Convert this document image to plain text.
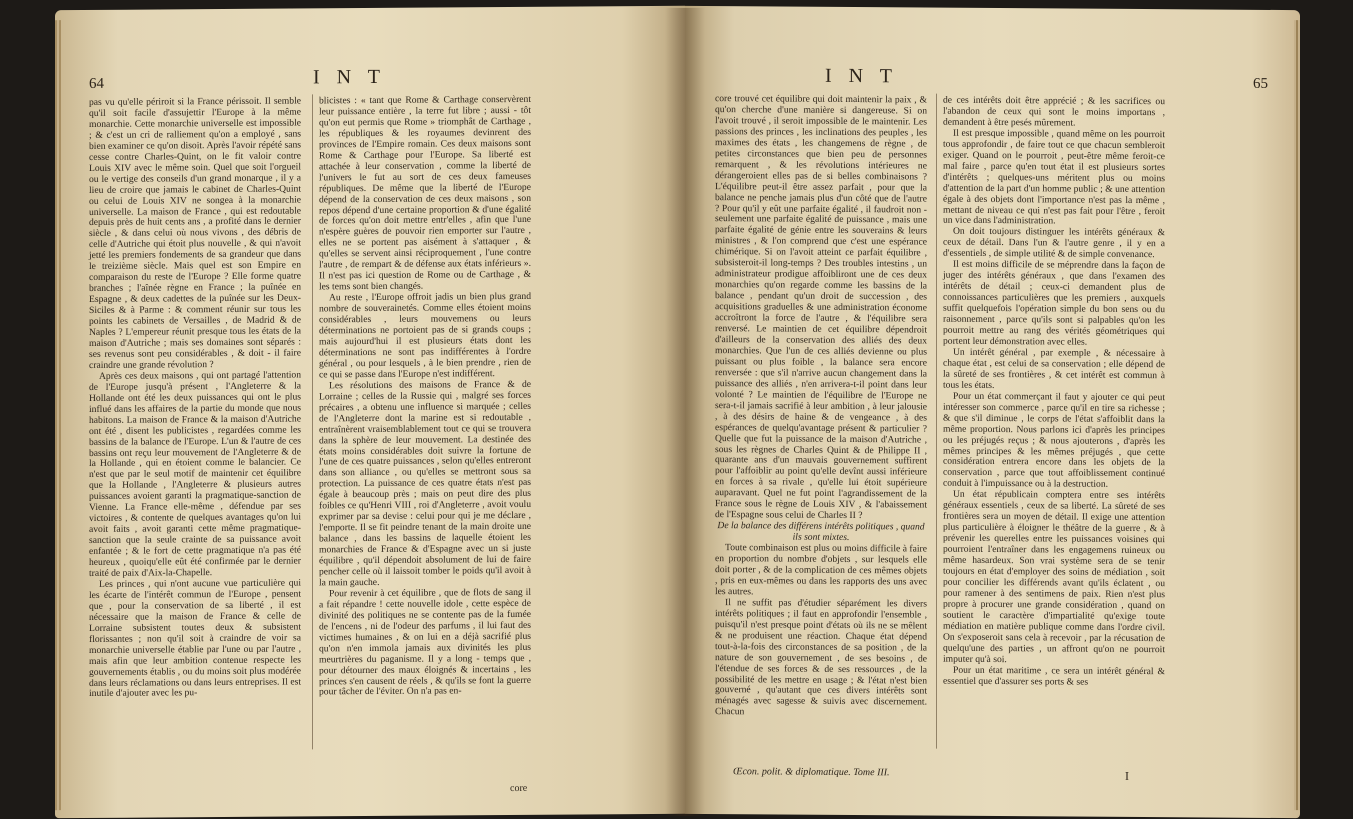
64	I N T

pas vu qu'elle périroit si la France périssoit. Il semble qu'il soit facile d'assujettir l'Europe à la même monarchie. Cette monarchie universelle est impossible ; & c'est un cri de ralliement qu'on a employé , sans bien examiner ce qu'on disoit. Après l'avoir répété sans cesse contre Charles-Quint, on le fit valoir contre Louis XIV avec le même soin. Quel que soit l'orgueil ou le vertige des conseils d'un grand monarque , il y a lieu de croire que jamais le cabinet de Charles-Quint ou celui de Louis XIV ne songea à la monarchie universelle. La maison de France , qui est redoutable depuis près de huit cents ans , a profité dans le dernier siècle , & dans celui où nous vivons , des débris de celle d'Autriche qui étoit plus nouvelle , & qui n'avoit jetté les premiers fondements de sa grandeur que dans le treizième siècle. Mais quel est son Empire en comparaison du reste de l'Europe ? Elle forme quatre branches ; l'aînée règne en France ; la puînée en Espagne , & deux cadettes de la puînée sur les Deux-Siciles & à Parme : & comment réunir sur tous les points les cabinets de Versailles , de Madrid & de Naples ? L'empereur réunit presque tous les états de la maison d'Autriche ; mais ses domaines sont séparés : ses revenus sont peu considérables , & doit - il faire craindre une grande révolution ?

Après ces deux maisons , qui ont partagé l'attention de l'Europe jusqu'à présent , l'Angleterre & la Hollande ont été les deux puissances qui ont le plus influé dans les affaires de la partie du monde que nous habitons. La maison de France & la maison d'Autriche ont été , disent les publicistes , regardées comme les bassins de la balance de l'Europe. L'un & l'autre de ces bassins ont reçu leur mouvement de l'Angleterre & de la Hollande , qui en étoient comme le balancier. Ce n'est que par le seul motif de maintenir cet équilibre que la Hollande , l'Angleterre & plusieurs autres puissances avoient garanti la pragmatique-sanction de Vienne. La France elle-même , défendue par ses victoires , & contente de quelques avantages qu'on lui avoit faits , avoit garanti cette même pragmatique-sanction que la seule crainte de sa puissance avoit enfantée ; & le fort de cette pragmatique n'a pas été heureux , quoiqu'elle eût été confirmée par le dernier traité de paix d'Aix-la-Chapelle.

Les princes , qui n'ont aucune vue particulière qui les écarte de l'intérêt commun de l'Europe , pensent que , pour la conservation de sa liberté , il est nécessaire que la maison de France & celle de Lorraine subsistent toutes deux & subsistent florissantes ; non qu'il soit à craindre de voir sa monarchie universelle établie par l'une ou par l'autre , mais afin que leur ambition contenue respecte les gouvernements établis , ou du moins soit plus modérée dans leurs réclamations ou dans leurs entreprises. Il est inutile d'ajouter avec les pu-

blicistes : « tant que Rome & Carthage conservèrent leur puissance entière , la terre fut libre ; aussi - tôt qu'on eut permis que Rome » triomphât de Carthage , les républiques & les royaumes devinrent des provinces de l'Empire romain. Ces deux maisons sont Rome & Carthage pour l'Europe. Sa liberté est attachée à leur conservation , comme la liberté de l'univers le fut au sort de ces deux fameuses républiques. De même que la liberté de l'Europe dépend de la conservation de ces deux maisons , son repos dépend d'une certaine proportion & d'une égalité de forces qu'on doit mettre entr'elles , afin que l'une n'espère guères de pouvoir rien emporter sur l'autre , elles ne se portent pas aisément à s'attaquer , & qu'elles se servent ainsi réciproquement , l'une contre l'autre , de rempart & de défense aux états inférieurs ». Il n'est pas ici question de Rome ou de Carthage , & les tems sont bien changés.

Au reste , l'Europe offroit jadis un bien plus grand nombre de souverainetés. Comme elles étoient moins considérables , leurs mouvemens ou leurs déterminations ne portoient pas de si grands coups ; mais aujourd'hui il est plusieurs états dont les déterminations ne sont pas indifférentes à l'ordre général , ou pour lesquels , à le bien prendre , rien de ce qui se passe dans l'Europe n'est indifférent.

Les résolutions des maisons de France & de Lorraine ; celles de la Russie qui , malgré ses forces précaires , a obtenu une influence si marquée ; celles de l'Angleterre dont la marine est si redoutable , entraînèrent vraisemblablement tout ce qui se trouvera dans la sphère de leur mouvement. La destinée des états moins considérables doit suivre la fortune de l'une de ces quatre puissances , selon qu'elles entreront dans son alliance , ou qu'elles se mettront sous sa protection. La puissance de ces quatre états n'est pas égale à beaucoup près ; mais on peut dire des plus foibles ce qu'Henri VIII , roi d'Angleterre , avoit voulu exprimer par sa devise : celui pour qui je me déclare , l'emporte. Il se fit peindre tenant de la main droite une balance , dans les bassins de laquelle étoient les monarchies de France & d'Espagne avec un si juste équilibre , qu'il dépendoit absolument de lui de faire pencher celle où il laissoit tomber le poids qu'il avoit à la main gauche.

Pour revenir à cet équilibre , que de flots de sang il a fait répandre ! cette nouvelle idole , cette espèce de divinité des politiques ne se contente pas de la fumée de l'encens , ni de l'odeur des parfums , il lui faut des victimes humaines , & on lui en a déjà sacrifié plus qu'on n'en immola jamais aux divinités les plus meurtrières du paganisme. Il y a long - temps que , pour détourner des maux éloignés & incertains , les princes s'en causent de réels , & qu'ils se font la guerre pour tâcher de l'éviter. On n'a pas en-

core
I N T	65

core trouvé cet équilibre qui doit maintenir la paix , & qu'on cherche d'une manière si dangereuse. Si on l'avoit trouvé , il seroit impossible de le maintenir. Les passions des princes , les inclinations des peuples , les maximes des états , les changemens de règne , de petites circonstances que bien peu de personnes remarquent , & les révolutions intérieures ne dérangeroient elles pas de si belles combinaisons ? L'équilibre peut-il être assez parfait , pour que la balance ne penche jamais plus d'un côté que de l'autre ? Pour qu'il y eût une parfaite égalité , il faudroit non - seulement une parfaite égalité de puissance , mais une parfaite égalité de génie entre les souverains & leurs ministres , & l'on comprend que c'est une espérance chimérique. Si on l'avoit atteint ce parfait équilibre , subsisteroit-il long-temps ? Des troubles intestins , un administrateur prodigue affoibliront une de ces deux monarchies qu'on regarde comme les bassins de la balance , pendant qu'un droit de succession , des acquisitions graduelles & une administration économe accroîtront la force de l'autre , & l'équilibre sera renversé. Le maintien de cet équilibre dépendroit d'ailleurs de la conservation des alliés des deux monarchies. Que l'un de ces alliés devienne ou plus puissant ou plus foible , la balance sera encore renversée : que s'il n'arrive aucun changement dans la puissance des alliés , n'en arrivera-t-il point dans leur volonté ? Le maintien de l'équilibre de l'Europe ne sera-t-il jamais sacrifié à leur ambition , à leur jalousie , à des désirs de haine & de vengeance , à des espérances de quelqu'avantage présent & particulier ? Quelle que fut la puissance de la maison d'Autriche , sous les règnes de Charles Quint & de Philippe II , quarante ans d'un mauvais gouvernement suffirent pour l'affoiblir au point qu'elle devînt aussi inférieure en forces à sa rivale , qu'elle lui étoit supérieure auparavant. Quel ne fut point l'agrandissement de la France sous le règne de Louis XIV , & l'abaissement de l'Espagne sous celui de Charles II ?

De la balance des différens intérêts politiques , quand ils sont mixtes.

Toute combinaison est plus ou moins difficile à faire en proportion du nombre d'objets , sur lesquels elle doit porter , & de la complication de ces mêmes objets , pris en eux-mêmes ou dans les rapports des uns avec les autres.

Il ne suffit pas d'étudier séparément les divers intérêts politiques ; il faut en approfondir l'ensemble , puisqu'il n'est presque point d'états où ils ne se mêlent & ne produisent une réaction. Chaque état dépend tout-à-la-fois des circonstances de sa position , de la nature de son gouvernement , de ses besoins , de l'étendue de ses forces & de ses ressources , de la possibilité de les mettre en usage ; & l'état n'est bien gouverné , qu'autant que ces divers intérêts sont ménagés avec sagesse & suivis avec discernement. Chacun

de ces intérêts doit être apprécié ; & les sacrifices ou l'abandon de ceux qui sont le moins importans , demandent à être pesés mûrement.

Il est presque impossible , quand même on les pourroit tous approfondir , de faire tout ce que chacun sembleroit exiger. Quand on le pourroit , peut-être même feroit-ce mal faire , parce qu'en tout état il est plusieurs sortes d'intérêts ; quelques-uns méritent plus ou moins d'attention de la part d'un homme public ; & une attention égale à des objets dont l'importance n'est pas la même , mettant de niveau ce qui n'est pas fait pour l'être , feroit un vice dans l'administration.

On doit toujours distinguer les intérêts généraux & ceux de détail. Dans l'un & l'autre genre , il y en a d'essentiels , de simple utilité & de simple convenance.

Il est moins difficile de se méprendre dans la façon de juger des intérêts généraux , que dans l'examen des intérêts de détail ; ceux-ci demandent plus de connoissances particulières que les premiers , auxquels suffit quelquefois l'opération simple du bon sens ou du raisonnement , parce qu'ils sont si palpables qu'on les pourroit mettre au rang des vérités géométriques qui portent leur démonstration avec elles.

Un intérêt général , par exemple , & nécessaire à chaque état , est celui de sa conservation ; elle dépend de la sûreté de ses frontières , & cet intérêt est commun à tous les états.

Pour un état commerçant il faut y ajouter ce qui peut intéresser son commerce , parce qu'il en tire sa richesse ; & que s'il diminue , le corps de l'état s'affoiblit dans la même proportion. Nous parlons ici d'après les principes ou les préjugés reçus ; & nous ajouterons , d'après les mêmes principes & les mêmes préjugés , que cette considération entrera encore dans les objets de la conservation , parce que tout affoiblissement continué conduit à l'impuissance ou à la destruction.

Un état républicain comptera entre ses intérêts généraux essentiels , ceux de sa liberté. La sûreté de ses frontières sera un moyen de détail. Il exige une attention plus particulière à éloigner le théâtre de la guerre , & à prévenir les querelles entre les puissances voisines qui pourroient l'entraîner dans les engagemens ruineux ou même hasardeux. Son vrai système sera de se tenir toujours en état d'employer des soins de médiation , soit pour concilier les différends avant qu'ils éclatent , ou pour ramener à des sentimens de paix. Rien n'est plus propre à procurer une grande considération , quand on soutient le caractère d'impartialité qu'exige toute médiation en matière publique comme dans l'ordre civil. On s'exposeroit sans cela à recevoir , par la récusation de quelqu'une des parties , un affront qu'on ne pourroit imputer qu'à soi.

Pour un état maritime , ce sera un intérêt général & essentiel que d'assurer ses ports & ses

Œcon. polit. & diplomatique. Tome III.	I
